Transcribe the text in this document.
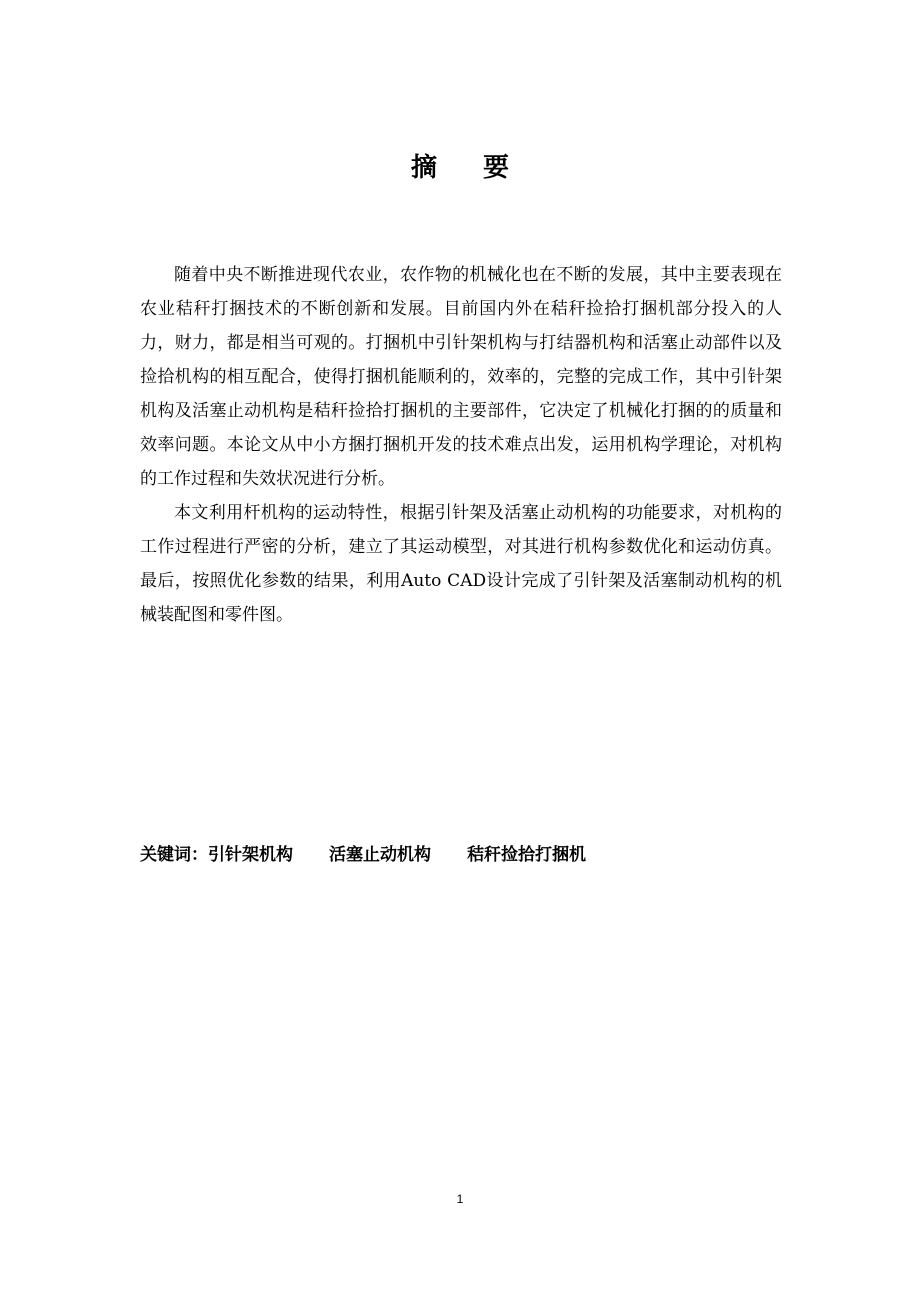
摘要

随着中央不断推进现代农业，农作物的机械化也在不断的发展，其中主要表现在农业秸秆打捆技术的不断创新和发展。目前国内外在秸秆捡拾打捆机部分投入的人力，财力，都是相当可观的。打捆机中引针架机构与打结器机构和活塞止动部件以及捡拾机构的相互配合，使得打捆机能顺利的，效率的，完整的完成工作，其中引针架机构及活塞止动机构是秸秆捡拾打捆机的主要部件，它决定了机械化打捆的的质量和效率问题。本论文从中小方捆打捆机开发的技术难点出发，运用机构学理论，对机构的工作过程和失效状况进行分析。

本文利用杆机构的运动特性，根据引针架及活塞止动机构的功能要求，对机构的工作过程进行严密的分析，建立了其运动模型，对其进行机构参数优化和运动仿真。最后，按照优化参数的结果，利用Auto CAD设计完成了引针架及活塞制动机构的机械装配图和零件图。

关键词：引针架机构 活塞止动机构 秸秆捡拾打捆机
1
